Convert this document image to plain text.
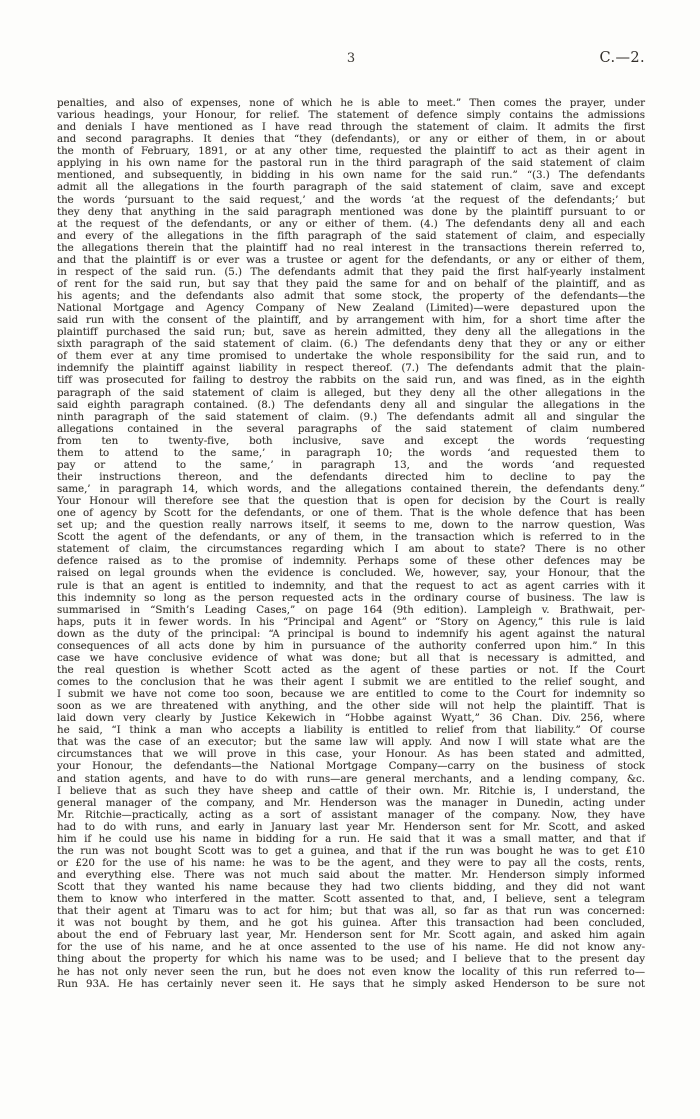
3	C.—2.
penalties, and also of expenses, none of which he is able to meet.” Then comes the prayer, under
various headings, your Honour, for relief. The statement of defence simply contains the admissions
and denials I have mentioned as I have read through the statement of claim. It admits the first
and second paragraphs. It denies that “they (defendants), or any or either of them, in or about
the month of February, 1891, or at any other time, requested the plaintiff to act as their agent in
applying in his own name for the pastoral run in the third paragraph of the said statement of claim
mentioned, and subsequently, in bidding in his own name for the said run.” “(3.) The defendants
admit all the allegations in the fourth paragraph of the said statement of claim, save and except
the words ‘pursuant to the said request,’ and the words ‘at the request of the defendants;’ but
they deny that anything in the said paragraph mentioned was done by the plaintiff pursuant to or
at the request of the defendants, or any or either of them. (4.) The defendants deny all and each
and every of the allegations in the fifth paragraph of the said statement of claim, and especially
the allegations therein that the plaintiff had no real interest in the transactions therein referred to,
and that the plaintiff is or ever was a trustee or agent for the defendants, or any or either of them,
in respect of the said run. (5.) The defendants admit that they paid the first half-yearly instalment
of rent for the said run, but say that they paid the same for and on behalf of the plaintiff, and as
his agents; and the defendants also admit that some stock, the property of the defendants—the
National Mortgage and Agency Company of New Zealand (Limited)—were depastured upon the
said run with the consent of the plaintiff, and by arrangement with him, for a short time after the
plaintiff purchased the said run; but, save as herein admitted, they deny all the allegations in the
sixth paragraph of the said statement of claim. (6.) The defendants deny that they or any or either
of them ever at any time promised to undertake the whole responsibility for the said run, and to
indemnify the plaintiff against liability in respect thereof. (7.) The defendants admit that the plain-
tiff was prosecuted for failing to destroy the rabbits on the said run, and was fined, as in the eighth
paragraph of the said statement of claim is alleged, but they deny all the other allegations in the
said eighth paragraph contained. (8.) The defendants deny all and singular the allegations in the
ninth paragraph of the said statement of claim. (9.) The defendants admit all and singular the
allegations contained in the several paragraphs of the said statement of claim numbered
from ten to twenty-five, both inclusive, save and except the words ‘requesting
them to attend to the same,’ in paragraph 10; the words ‘and requested them to
pay or attend to the same,’ in paragraph 13, and the words ‘and requested
their instructions thereon, and the defendants directed him to decline to pay the
same,’ in paragraph 14, which words, and the allegations contained therein, the defendants deny.”
Your Honour will therefore see that the question that is open for decision by the Court is really
one of agency by Scott for the defendants, or one of them. That is the whole defence that has been
set up; and the question really narrows itself, it seems to me, down to the narrow question, Was
Scott the agent of the defendants, or any of them, in the transaction which is referred to in the
statement of claim, the circumstances regarding which I am about to state? There is no other
defence raised as to the promise of indemnity. Perhaps some of these other defences may be
raised on legal grounds when the evidence is concluded. We, however, say, your Honour, that the
rule is that an agent is entitled to indemnity, and that the request to act as agent carries with it
this indemnity so long as the person requested acts in the ordinary course of business. The law is
summarised in “Smith’s Leading Cases,” on page 164 (9th edition). Lampleigh v. Brathwait, per-
haps, puts it in fewer words. In his “Principal and Agent” or “Story on Agency,” this rule is laid
down as the duty of the principal: “A principal is bound to indemnify his agent against the natural
consequences of all acts done by him in pursuance of the authority conferred upon him.” In this
case we have conclusive evidence of what was done; but all that is necessary is admitted, and
the real question is whether Scott acted as the agent of these parties or not. If the Court
comes to the conclusion that he was their agent I submit we are entitled to the relief sought, and
I submit we have not come too soon, because we are entitled to come to the Court for indemnity so
soon as we are threatened with anything, and the other side will not help the plaintiff. That is
laid down very clearly by Justice Kekewich in “Hobbe against Wyatt,” 36 Chan. Div. 256, where
he said, “I think a man who accepts a liability is entitled to relief from that liability.” Of course
that was the case of an executor; but the same law will apply. And now I will state what are the
circumstances that we will prove in this case, your Honour. As has been stated and admitted,
your Honour, the defendants—the National Mortgage Company—carry on the business of stock
and station agents, and have to do with runs—are general merchants, and a lending company, &c.
I believe that as such they have sheep and cattle of their own. Mr. Ritchie is, I understand, the
general manager of the company, and Mr. Henderson was the manager in Dunedin, acting under
Mr. Ritchie—practically, acting as a sort of assistant manager of the company. Now, they have
had to do with runs, and early in January last year Mr. Henderson sent for Mr. Scott, and asked
him if he could use his name in bidding for a run. He said that it was a small matter, and that if
the run was not bought Scott was to get a guinea, and that if the run was bought he was to get £10
or £20 for the use of his name: he was to be the agent, and they were to pay all the costs, rents,
and everything else. There was not much said about the matter. Mr. Henderson simply informed
Scott that they wanted his name because they had two clients bidding, and they did not want
them to know who interfered in the matter. Scott assented to that, and, I believe, sent a telegram
that their agent at Timaru was to act for him; but that was all, so far as that run was concerned:
it was not bought by them, and he got his guinea. After this transaction had been concluded,
about the end of February last year, Mr. Henderson sent for Mr. Scott again, and asked him again
for the use of his name, and he at once assented to the use of his name. He did not know any-
thing about the property for which his name was to be used; and I believe that to the present day
he has not only never seen the run, but he does not even know the locality of this run referred to—
Run 93A. He has certainly never seen it. He says that he simply asked Henderson to be sure not
